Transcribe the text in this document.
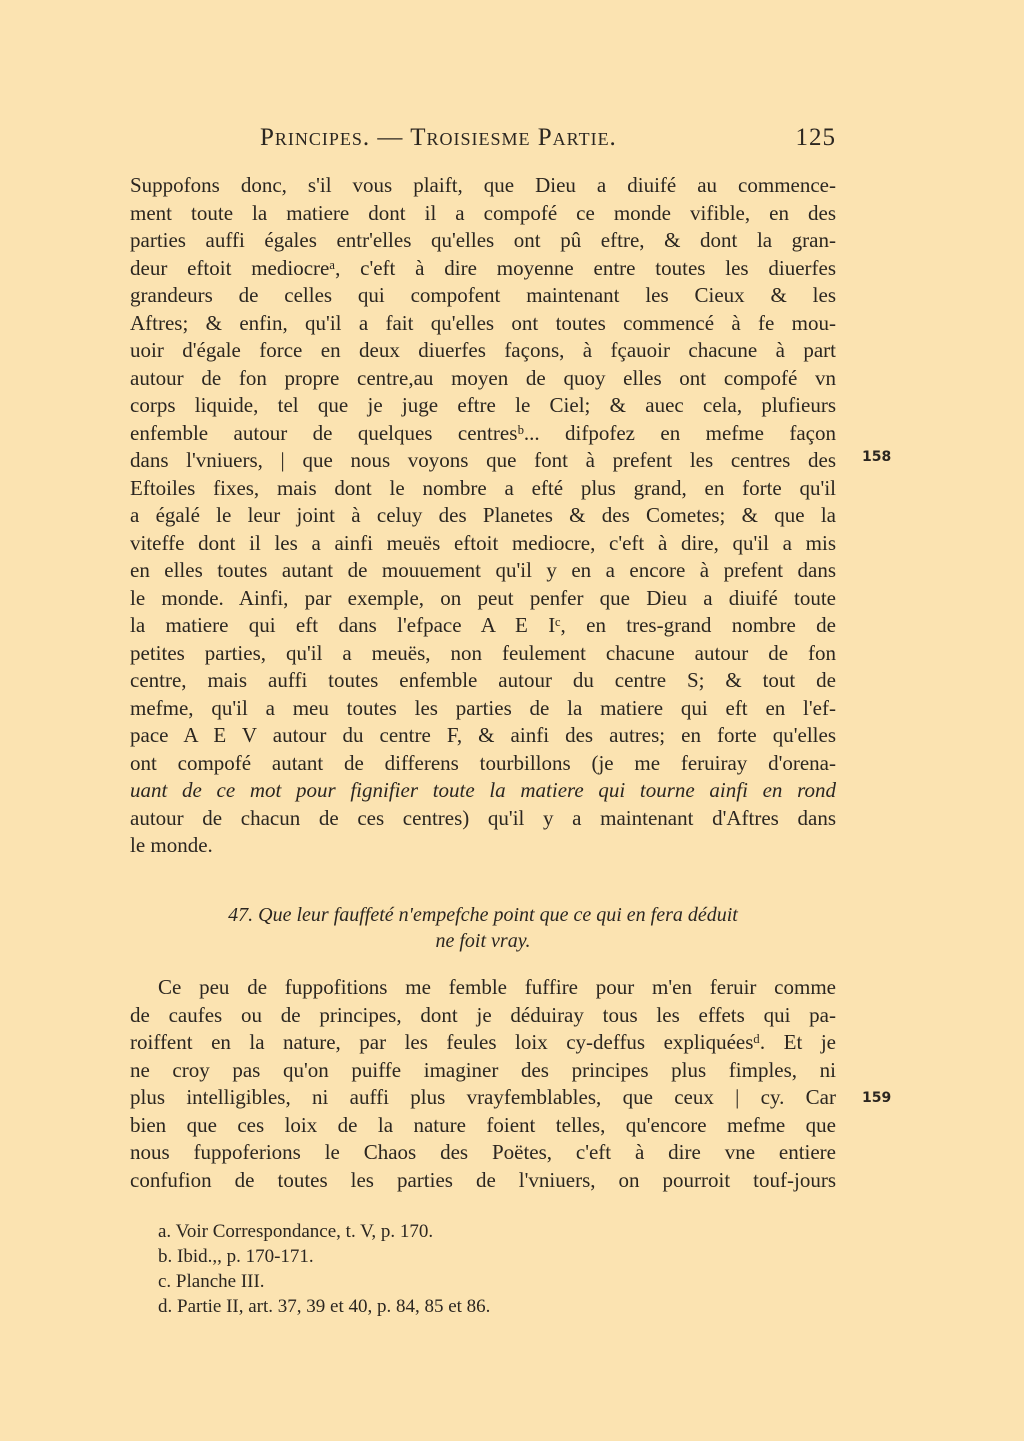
Principes. — Troisiesme Partie.	125
Suppofons donc, s'il vous plaift, que Dieu a diuifé au commence-
ment toute la matiere dont il a compofé ce monde vifible, en des
parties auffi égales entr'elles qu'elles ont pû eftre, & dont la gran-
deur eftoit mediocreᵃ, c'eft à dire moyenne entre toutes les diuerfes
grandeurs de celles qui compofent maintenant les Cieux & les
Aftres; & enfin, qu'il a fait qu'elles ont toutes commencé à fe mou-
uoir d'égale force en deux diuerfes façons, à fçauoir chacune à part
autour de fon propre centre,au moyen de quoy elles ont compofé vn
corps liquide, tel que je juge eftre le Ciel; & auec cela, plufieurs
enfemble autour de quelques centresᵇ... difpofez en mefme façon
dans l'vniuers, | que nous voyons que font à prefent les centres des
Eftoiles fixes, mais dont le nombre a efté plus grand, en forte qu'il
a égalé le leur joint à celuy des Planetes & des Cometes; & que la
viteffe dont il les a ainfi meuës eftoit mediocre, c'eft à dire, qu'il a mis
en elles toutes autant de mouuement qu'il y en a encore à prefent dans
le monde. Ainfi, par exemple, on peut penfer que Dieu a diuifé toute
la matiere qui eft dans l'efpace A E Iᶜ, en tres-grand nombre de
petites parties, qu'il a meuës, non feulement chacune autour de fon
centre, mais auffi toutes enfemble autour du centre S; & tout de
mefme, qu'il a meu toutes les parties de la matiere qui eft en l'ef-
pace A E V autour du centre F, & ainfi des autres; en forte qu'elles
ont compofé autant de differens tourbillons (je me feruiray d'orena-
uant de ce mot pour fignifier toute la matiere qui tourne ainfi en rond
autour de chacun de ces centres) qu'il y a maintenant d'Aftres dans
le monde.
158
47. Que leur fauffeté n'empefche point que ce qui en fera déduit
ne foit vray.
Ce peu de fuppofitions me femble fuffire pour m'en feruir comme
de caufes ou de principes, dont je déduiray tous les effets qui pa-
roiffent en la nature, par les feules loix cy-deffus expliquéesᵈ. Et je
ne croy pas qu'on puiffe imaginer des principes plus fimples, ni
plus intelligibles, ni auffi plus vrayfemblables, que ceux | cy. Car
bien que ces loix de la nature foient telles, qu'encore mefme que
nous fuppoferions le Chaos des Poëtes, c'eft à dire vne entiere
confufion de toutes les parties de l'vniuers, on pourroit touf-jours
159
a. Voir Correspondance, t. V, p. 170.
b. Ibid.,, p. 170-171.
c. Planche III.
d. Partie II, art. 37, 39 et 40, p. 84, 85 et 86.
